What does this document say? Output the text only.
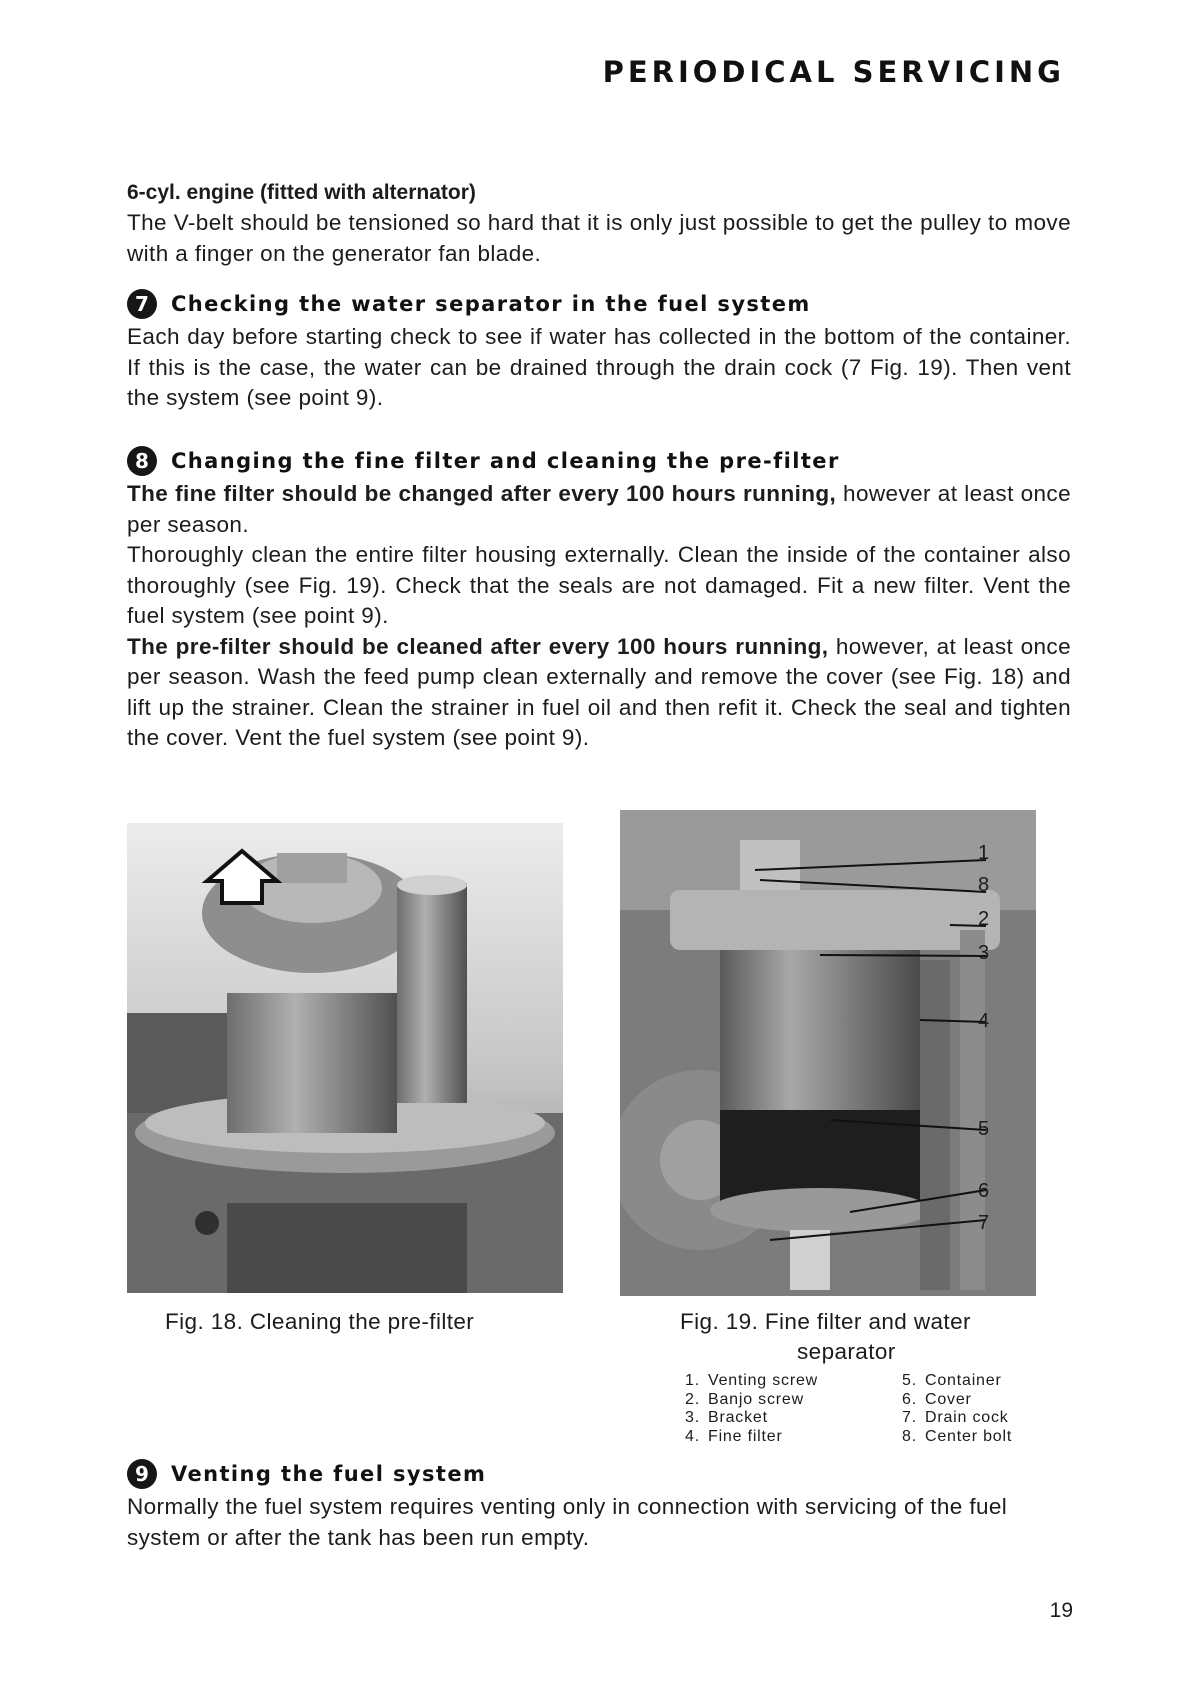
PERIODICAL SERVICING

6-cyl. engine (fitted with alternator)

The V-belt should be tensioned so hard that it is only just possible to get the pulley to move with a finger on the generator fan blade.

7	Checking the water separator in the fuel system

Each day before starting check to see if water has collected in the bottom of the container. If this is the case, the water can be drained through the drain cock (7 Fig. 19). Then vent the system (see point 9).

8	Changing the fine filter and cleaning the pre-filter

The fine filter should be changed after every 100 hours running, however at least once per season.

Thoroughly clean the entire filter housing externally. Clean the inside of the container also thoroughly (see Fig. 19). Check that the seals are not damaged. Fit a new filter. Vent the fuel system (see point 9).

The pre-filter should be cleaned after every 100 hours running, however, at least once per season. Wash the feed pump clean externally and remove the cover (see Fig. 18) and lift up the strainer. Clean the strainer in fuel oil and then refit it. Check the seal and tighten the cover. Vent the fuel system (see point 9).

Fig. 18. Cleaning the pre-filter
1
8
2
3
4
5
6
7
Fig. 19. Fine filter and water
separator
1. Venting screw
2. Banjo screw
3. Bracket
4. Fine filter
5. Container
6. Cover
7. Drain cock
8. Center bolt
9	Venting the fuel system

Normally the fuel system requires venting only in connection with servicing of the fuel system or after the tank has been run empty.

19
